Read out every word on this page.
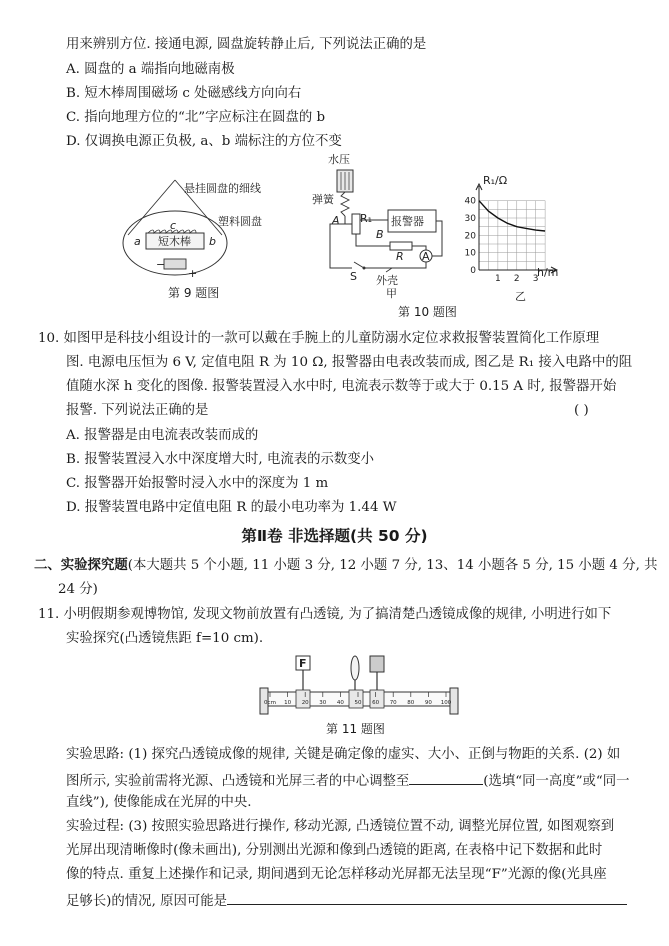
用来辨别方位. 接通电源, 圆盘旋转静止后, 下列说法正确的是
A. 圆盘的 a 端指向地磁南极
B. 短木棒周围磁场 c 处磁感线方向向右
C. 指向地理方位的“北”字应标注在圆盘的 b
D. 仅调换电源正负极, a、b 端标注的方位不变
悬挂圆盘的细线
塑料圆盘
短木棒
a	b
c
−
+
第 9 题图
水压
弹簧
A R₁
B
报警器
R A
S 外壳
甲
R₁/Ω
0
10
20
30
40
1 2 3
h/m
乙
第 10 题图
10. 如图甲是科技小组设计的一款可以戴在手腕上的儿童防溺水定位求救报警装置简化工作原理
图. 电源电压恒为 6 V, 定值电阻 R 为 10 Ω, 报警器由电表改装而成, 图乙是 R₁ 接入电路中的阻
值随水深 h 变化的图像. 报警装置浸入水中时, 电流表示数等于或大于 0.15 A 时, 报警器开始
报警. 下列说法正确的是	( )
A. 报警器是由电流表改装而成的
B. 报警装置浸入水中深度增大时, 电流表的示数变小
C. 报警器开始报警时浸入水中的深度为 1 m
D. 报警装置电路中定值电阻 R 的最小电功率为 1.44 W
第Ⅱ卷 非选择题(共 50 分)
二、实验探究题(本大题共 5 个小题, 11 小题 3 分, 12 小题 7 分, 13、14 小题各 5 分, 15 小题 4 分, 共
24 分)
11. 小明假期参观博物馆, 发现文物前放置有凸透镜, 为了搞清楚凸透镜成像的规律, 小明进行如下
实验探究(凸透镜焦距 f=10 cm).
F
0cm 10 20 30 40 50 60 70 80 90 100
第 11 题图
实验思路: (1) 探究凸透镜成像的规律, 关键是确定像的虚实、大小、正倒与物距的关系. (2) 如
图所示, 实验前需将光源、凸透镜和光屏三者的中心调整至	(选填“同一高度”或“同一
直线”), 使像能成在光屏的中央.
实验过程: (3) 按照实验思路进行操作, 移动光源, 凸透镜位置不动, 调整光屏位置, 如图观察到
光屏出现清晰像时(像未画出), 分别测出光源和像到凸透镜的距离, 在表格中记下数据和此时
像的特点. 重复上述操作和记录, 期间遇到无论怎样移动光屏都无法呈现“F”光源的像(光具座
足够长)的情况, 原因可能是
